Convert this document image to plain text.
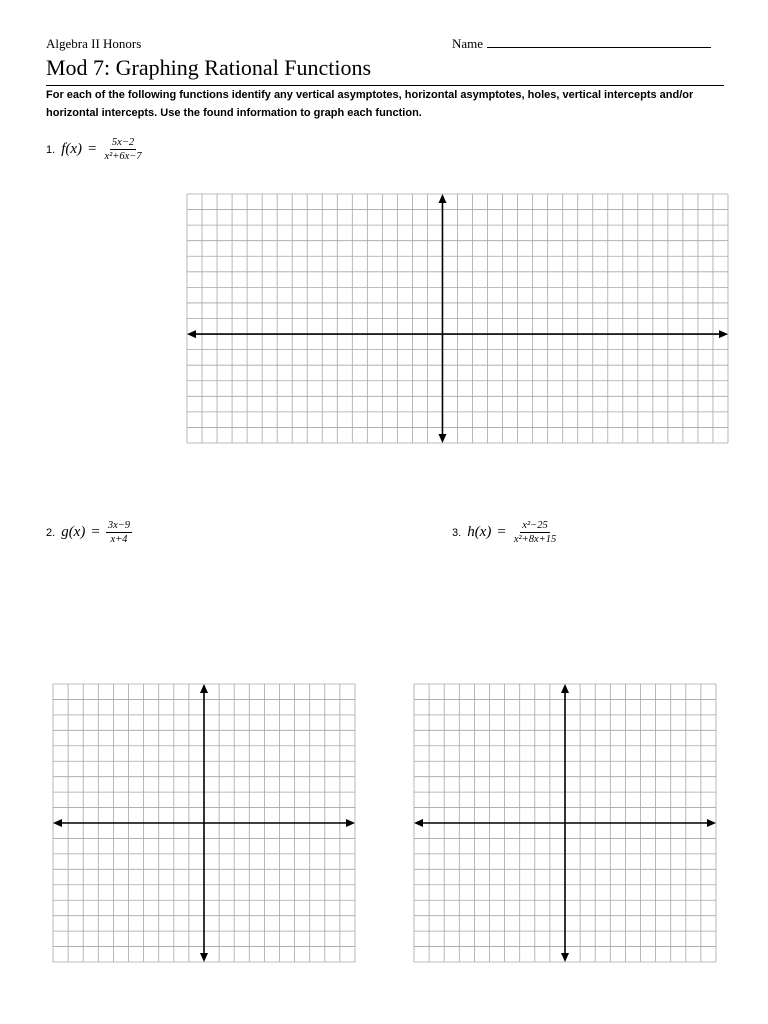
Algebra II Honors	Name
Mod 7: Graphing Rational Functions
For each of the following functions identify any vertical asymptotes, horizontal asymptotes, holes, vertical intercepts and/or horizontal intercepts. Use the found information to graph each function.
1. $f(x) = \frac{5x-2}{\text{x²+6x−7}}$
2. $g(x) = \frac{3x-9}{x+4}$	3. $h(x) = \frac{\text{x²−25}}{\text{x²+8x+15}}$
